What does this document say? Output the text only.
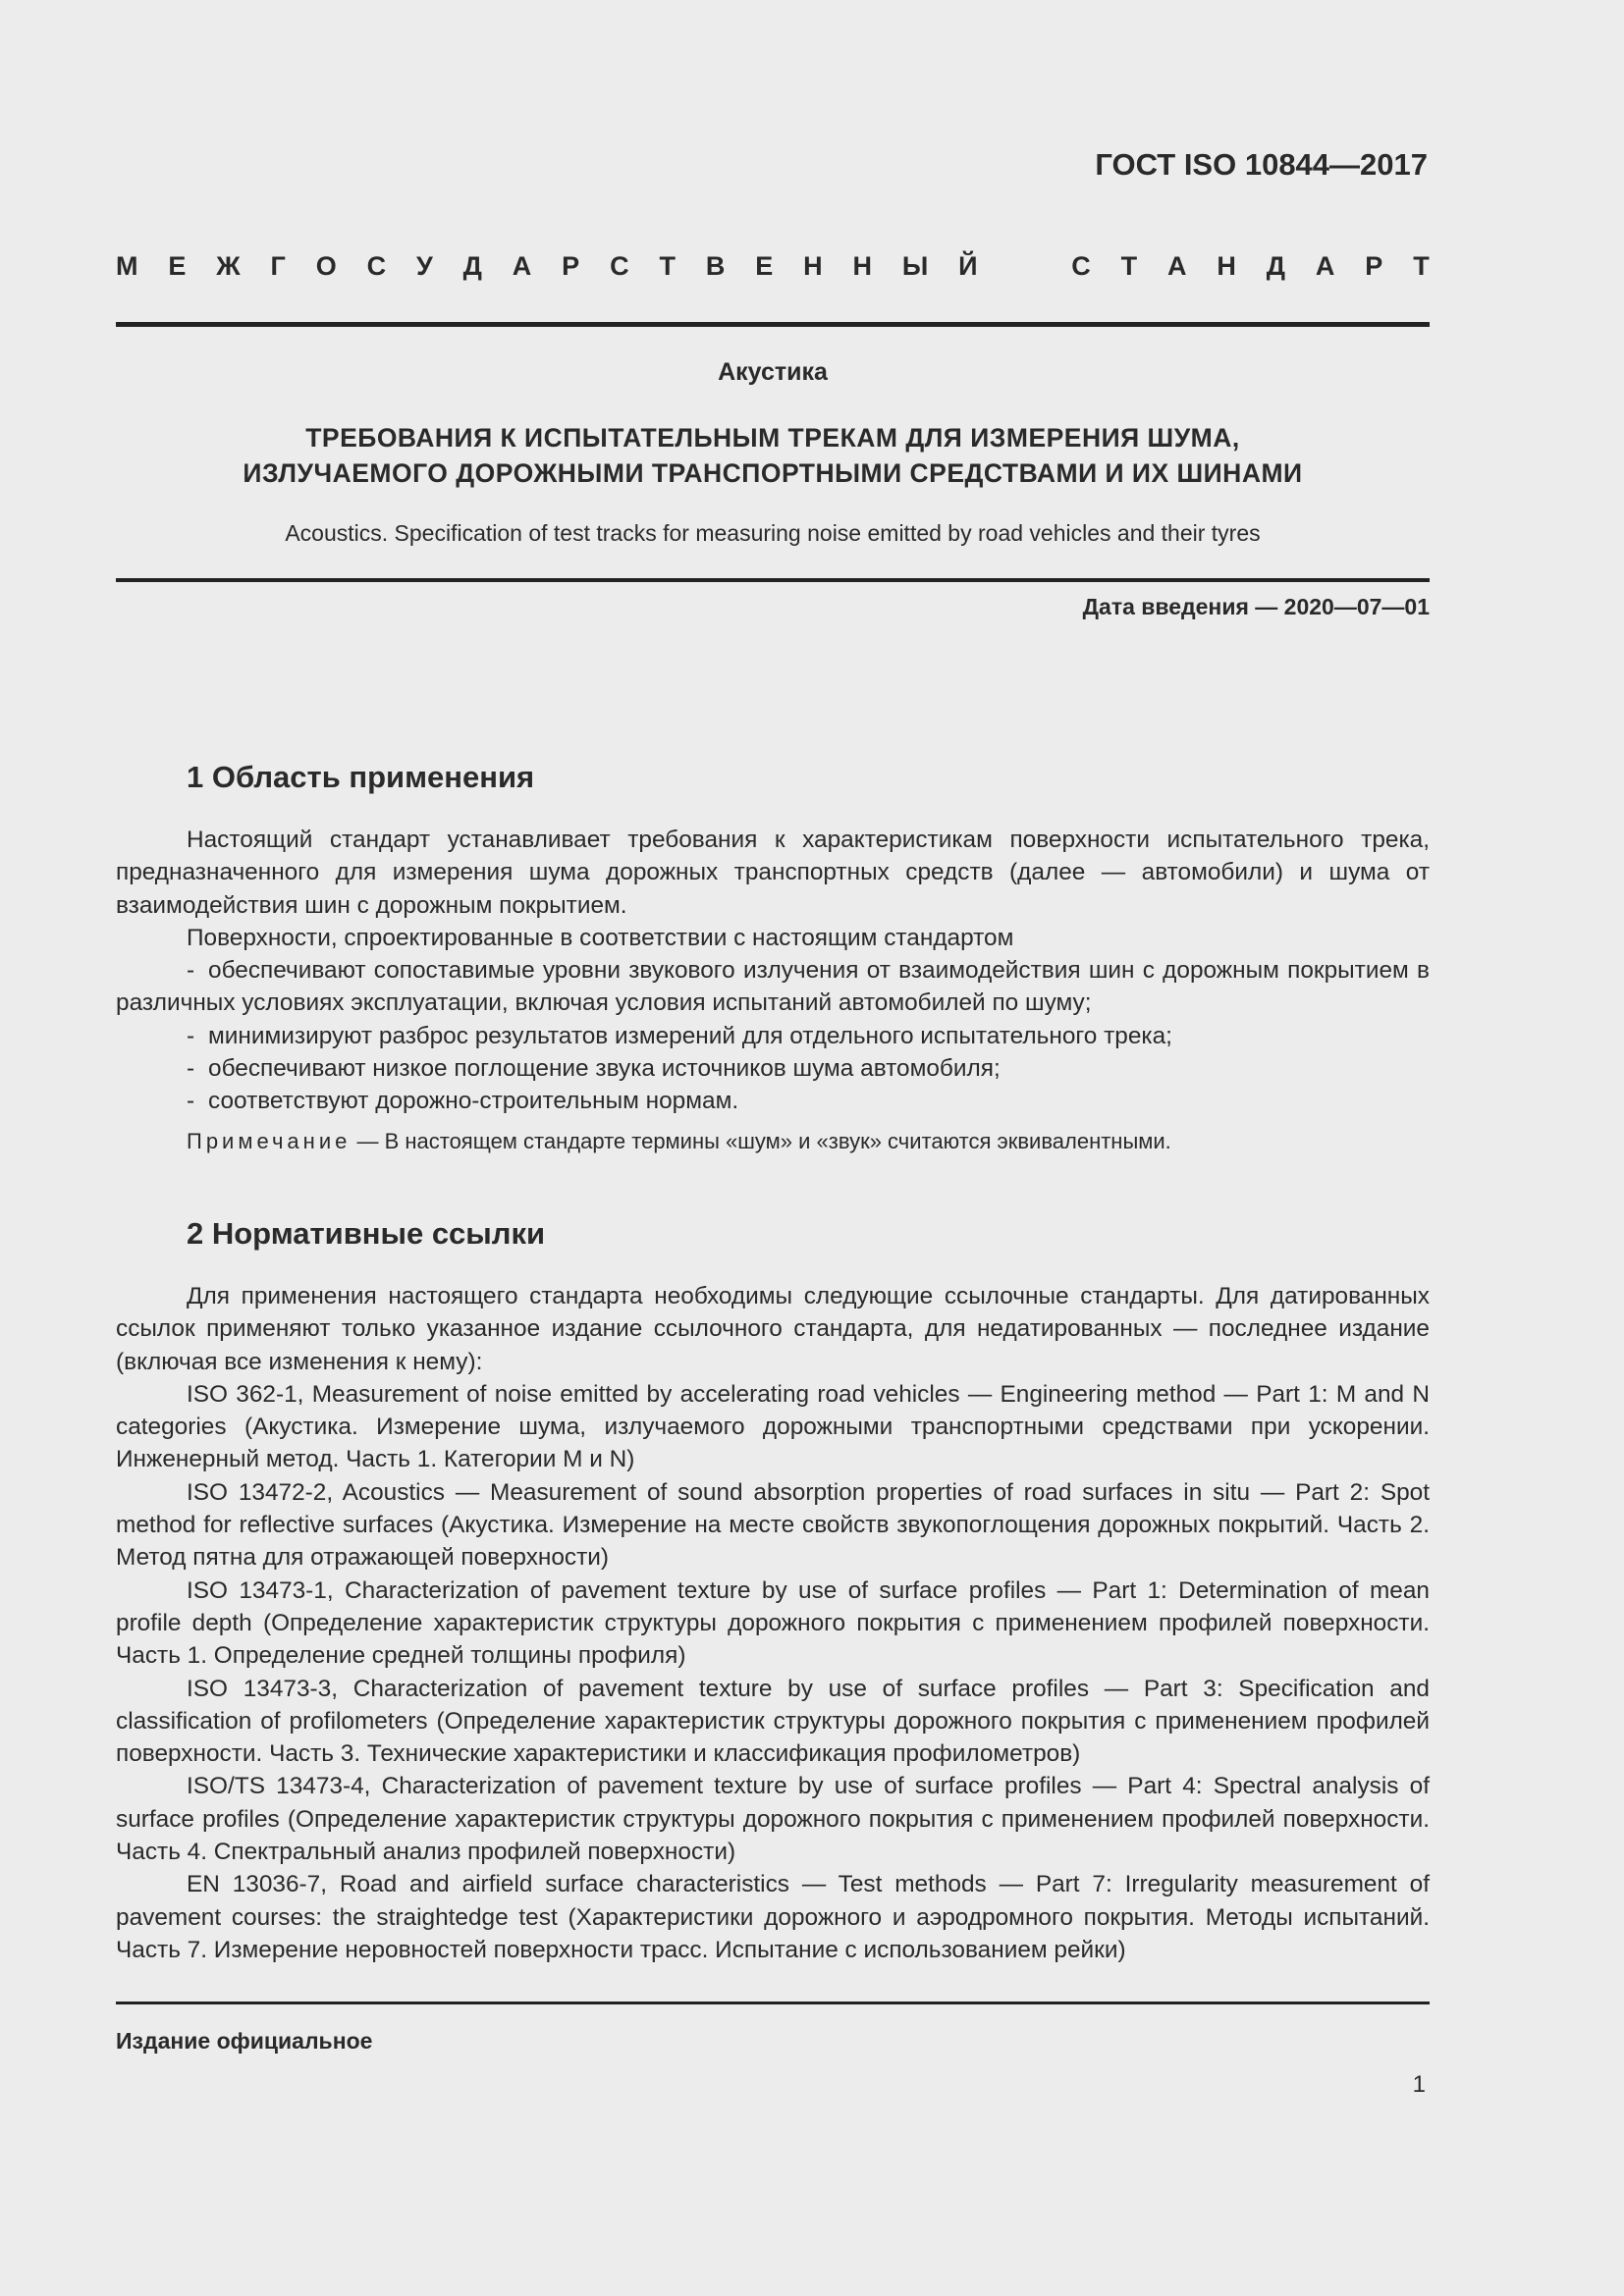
ГОСТ ISO 10844—2017

М Е Ж Г О С У Д А Р С Т В Е Н Н Ы Й	С Т А Н Д А Р Т

Акустика

ТРЕБОВАНИЯ К ИСПЫТАТЕЛЬНЫМ ТРЕКАМ ДЛЯ ИЗМЕРЕНИЯ ШУМА,
ИЗЛУЧАЕМОГО ДОРОЖНЫМИ ТРАНСПОРТНЫМИ СРЕДСТВАМИ И ИХ ШИНАМИ

Acoustics. Specification of test tracks for measuring noise emitted by road vehicles and their tyres

Дата введения — 2020—07—01
1 Область применения

Настоящий стандарт устанавливает требования к характеристикам поверхности испытательного трека, предназначенного для измерения шума дорожных транспортных средств (далее — автомобили) и шума от взаимодействия шин с дорожным покрытием.

Поверхности, спроектированные в соответствии с настоящим стандартом

- обеспечивают сопоставимые уровни звукового излучения от взаимодействия шин с дорожным покрытием в различных условиях эксплуатации, включая условия испытаний автомобилей по шуму;

- минимизируют разброс результатов измерений для отдельного испытательного трека;

- обеспечивают низкое поглощение звука источников шума автомобиля;

- соответствуют дорожно-строительным нормам.

Примечание — В настоящем стандарте термины «шум» и «звук» считаются эквивалентными.

2 Нормативные ссылки

Для применения настоящего стандарта необходимы следующие ссылочные стандарты. Для датированных ссылок применяют только указанное издание ссылочного стандарта, для недатированных — последнее издание (включая все изменения к нему):

ISO 362-1, Measurement of noise emitted by accelerating road vehicles — Engineering method — Part 1: M and N categories (Акустика. Измерение шума, излучаемого дорожными транспортными средствами при ускорении. Инженерный метод. Часть 1. Категории M и N)

ISO 13472-2, Acoustics — Measurement of sound absorption properties of road surfaces in situ — Part 2: Spot method for reflective surfaces (Акустика. Измерение на месте свойств звукопоглощения дорожных покрытий. Часть 2. Метод пятна для отражающей поверхности)

ISO 13473-1, Characterization of pavement texture by use of surface profiles — Part 1: Determination of mean profile depth (Определение характеристик структуры дорожного покрытия с применением профилей поверхности. Часть 1. Определение средней толщины профиля)

ISO 13473-3, Characterization of pavement texture by use of surface profiles — Part 3: Specification and classification of profilometers (Определение характеристик структуры дорожного покрытия с применением профилей поверхности. Часть 3. Технические характеристики и классификация профилометров)

ISO/TS 13473-4, Characterization of pavement texture by use of surface profiles — Part 4: Spectral analysis of surface profiles (Определение характеристик структуры дорожного покрытия с применением профилей поверхности. Часть 4. Спектральный анализ профилей поверхности)

EN 13036-7, Road and airfield surface characteristics — Test methods — Part 7: Irregularity measurement of pavement courses: the straightedge test (Характеристики дорожного и аэродромного покрытия. Методы испытаний. Часть 7. Измерение неровностей поверхности трасс. Испытание с использованием рейки)

Издание официальное
1
